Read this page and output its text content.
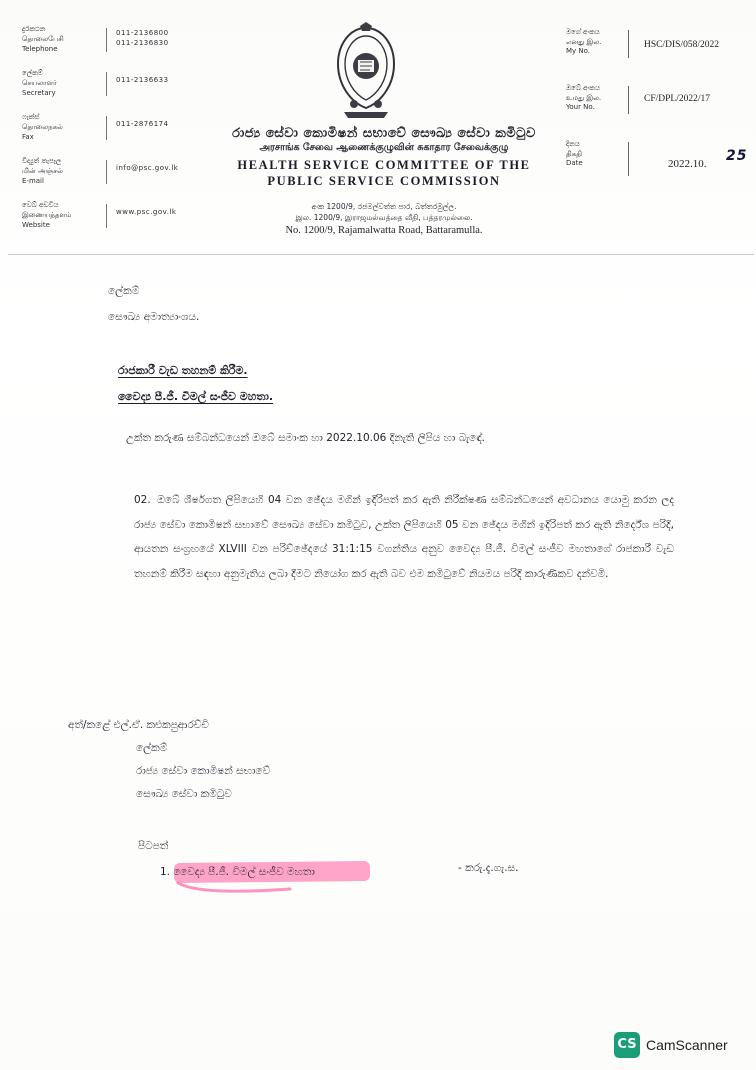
දුරකථන
தொலைபேசி
Telephone
011-2136800
011-2136830
ලේකම්
செயலாளர்
Secretary
011-2136633
ෆැක්ස්
தொலைநகல்
Fax
011-2876174
විද්‍යුත් තැපෑල
மின் அஞ்சல்
E-mail
info@psc.gov.lk
වෙබ් අඩවිය
இணையத்தளம்
Website
www.psc.gov.lk
රාජ්‍ය සේවා කොමිෂන් සභාවේ සෞඛ්‍ය සේවා කමිටුව
அரசாங்க சேவை ஆணைக்குழுவின் சுகாதார சேவைக்குழு
HEALTH SERVICE COMMITTEE OF THE
PUBLIC SERVICE COMMISSION
අංක 1200/9, රජමල්වත්ත පාර, බත්තරමුල්ල.
இல. 1200/9, இராஜமல்வத்தை வீதி, பத்தரமுல்லை.
No. 1200/9, Rajamalwatta Road, Battaramulla.
මගේ අංකය
எனது இல.
My No.
HSC/DIS/058/2022
ඔබේ අංකය
உமது இல.
Your No.
CF/DPL/2022/17
දිනය
திகதி
Date	2022.10. 25
ලේකම්
සෞඛ්‍ය අමාත්‍යාංශය.
රාජකාරී වැඩ තහනම් කිරීම.
වෛද්‍ය පී.ජී. විමල් සංජීව මහතා.
උක්ත කරුණ සම්බන්ධයෙන් ඔබේ සමාංක හා 2022.10.06 දිනැති ලිපිය හා බැඳේ.
02. ඔබේ ශීර්ෂගත ලිපියෙහි 04 වන ඡේදය මගින් ඉදිරිපත් කර ඇති නිරීක්ෂණ සම්බන්ධයෙන් අවධානය යොමු කරන ලද රාජ්‍ය සේවා කොමිෂන් සභාවේ සෞඛ්‍ය සේවා කමිටුව, උක්ත ලිපියෙහි 05 වන ඡේදය මගින් ඉදිරිපත් කර ඇති නිර්දේශ පරිදි, ආයතන සංග්‍රහයේ XLVIII වන පරිච්ඡේදයේ 31:1:15 වගන්තිය අනුව වෛද්‍ය පී.ජී. විමල් සංජීව මහතාගේ රාජකාරී වැඩ තහනම් කිරීම සඳහා අනුමැතිය ලබා දීමට නියෝග කර ඇති බව එම කමිටුවේ නියමය පරිදි කාරුණිකව දන්වමි.
අත්/කළේ එල්.ඒ. කළුකපුආරච්චි
ලේකම්
රාජ්‍ය සේවා කොමිෂන් සභාවේ
සෞඛ්‍ය සේවා කමිටුව
පිටපත්
1. වෛද්‍ය පී.ජී. විමල් සංජීව මහතා	- කරු.දැ.ගැ.ස.
CS CamScanner
